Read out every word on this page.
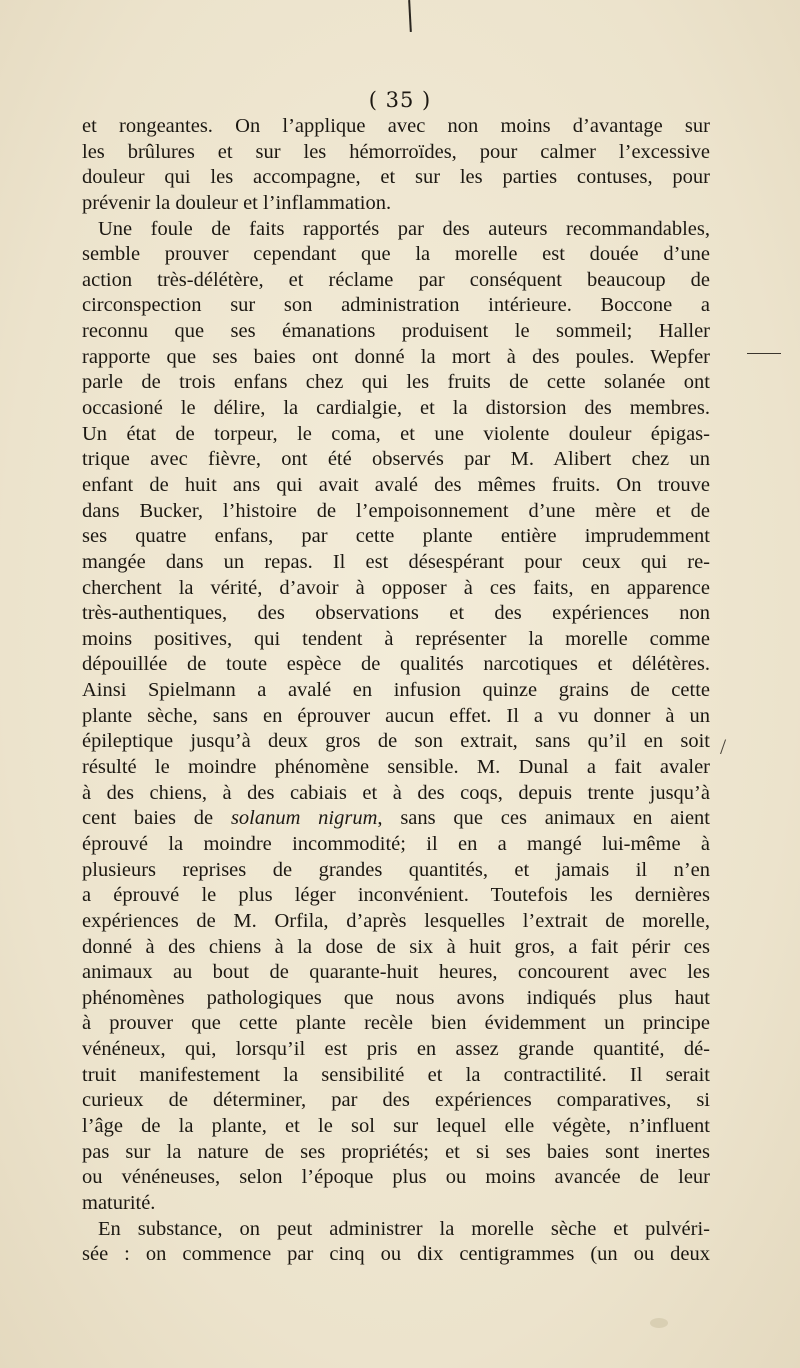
( 35 )
et rongeantes. On l’applique avec non moins d’avantage sur
les brûlures et sur les hémorroïdes, pour calmer l’excessive
douleur qui les accompagne, et sur les parties contuses, pour
prévenir la douleur et l’inflammation.
Une foule de faits rapportés par des auteurs recommandables,
semble prouver cependant que la morelle est douée d’une
action très-délétère, et réclame par conséquent beaucoup de
circonspection sur son administration intérieure. Boccone a
reconnu que ses émanations produisent le sommeil; Haller
rapporte que ses baies ont donné la mort à des poules. Wepfer
parle de trois enfans chez qui les fruits de cette solanée ont
occasioné le délire, la cardialgie, et la distorsion des membres.
Un état de torpeur, le coma, et une violente douleur épigas-
trique avec fièvre, ont été observés par M. Alibert chez un
enfant de huit ans qui avait avalé des mêmes fruits. On trouve
dans Bucker, l’histoire de l’empoisonnement d’une mère et de
ses quatre enfans, par cette plante entière imprudemment
mangée dans un repas. Il est désespérant pour ceux qui re-
cherchent la vérité, d’avoir à opposer à ces faits, en apparence
très-authentiques, des observations et des expériences non
moins positives, qui tendent à représenter la morelle comme
dépouillée de toute espèce de qualités narcotiques et délétères.
Ainsi Spielmann a avalé en infusion quinze grains de cette
plante sèche, sans en éprouver aucun effet. Il a vu donner à un
épileptique jusqu’à deux gros de son extrait, sans qu’il en soit
résulté le moindre phénomène sensible. M. Dunal a fait avaler
à des chiens, à des cabiais et à des coqs, depuis trente jusqu’à
cent baies de solanum nigrum, sans que ces animaux en aient
éprouvé la moindre incommodité; il en a mangé lui-même à
plusieurs reprises de grandes quantités, et jamais il n’en
a éprouvé le plus léger inconvénient. Toutefois les dernières
expériences de M. Orfila, d’après lesquelles l’extrait de morelle,
donné à des chiens à la dose de six à huit gros, a fait périr ces
animaux au bout de quarante-huit heures, concourent avec les
phénomènes pathologiques que nous avons indiqués plus haut
à prouver que cette plante recèle bien évidemment un principe
vénéneux, qui, lorsqu’il est pris en assez grande quantité, dé-
truit manifestement la sensibilité et la contractilité. Il serait
curieux de déterminer, par des expériences comparatives, si
l’âge de la plante, et le sol sur lequel elle végète, n’influent
pas sur la nature de ses propriétés; et si ses baies sont inertes
ou vénéneuses, selon l’époque plus ou moins avancée de leur
maturité.
En substance, on peut administrer la morelle sèche et pulvéri-
sée : on commence par cinq ou dix centigrammes (un ou deux
/
